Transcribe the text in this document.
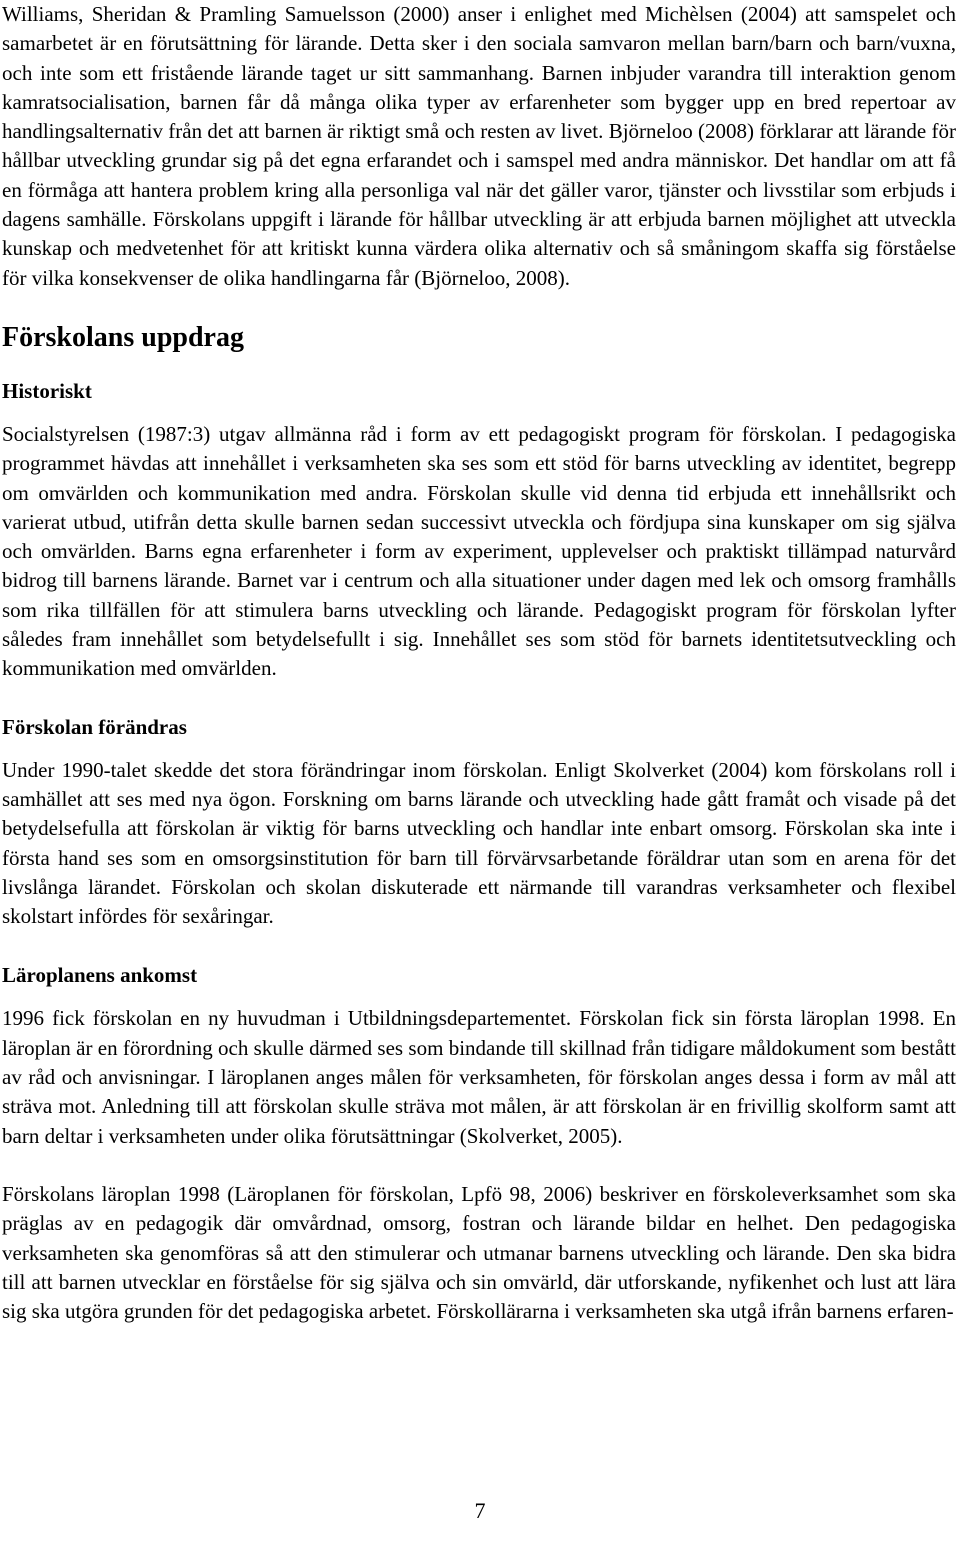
Williams, Sheridan & Pramling Samuelsson (2000) anser i enlighet med Michèlsen (2004) att samspelet och samarbetet är en förutsättning för lärande. Detta sker i den sociala samvaron mellan barn/barn och barn/vuxna, och inte som ett fristående lärande taget ur sitt sammanhang. Barnen inbjuder varandra till interaktion genom kamratsocialisation, barnen får då många olika typer av erfarenheter som bygger upp en bred repertoar av handlingsalternativ från det att barnen är riktigt små och resten av livet. Björneloo (2008) förklarar att lärande för hållbar utveckling grundar sig på det egna erfarandet och i samspel med andra människor. Det handlar om att få en förmåga att hantera problem kring alla personliga val när det gäller varor, tjänster och livsstilar som erbjuds i dagens samhälle. Förskolans uppgift i lärande för hållbar utveckling är att erbjuda barnen möjlighet att utveckla kunskap och medvetenhet för att kritiskt kunna värdera olika alternativ och så småningom skaffa sig förståelse för vilka konsekvenser de olika handlingarna får (Björneloo, 2008).

Förskolans uppdrag
Historiskt

Socialstyrelsen (1987:3) utgav allmänna råd i form av ett pedagogiskt program för förskolan. I pedagogiska programmet hävdas att innehållet i verksamheten ska ses som ett stöd för barns utveckling av identitet, begrepp om omvärlden och kommunikation med andra. Förskolan skulle vid denna tid erbjuda ett innehållsrikt och varierat utbud, utifrån detta skulle barnen sedan successivt utveckla och fördjupa sina kunskaper om sig själva och omvärlden. Barns egna erfarenheter i form av experiment, upplevelser och praktiskt tillämpad naturvård bidrog till barnens lärande. Barnet var i centrum och alla situationer under dagen med lek och omsorg framhålls som rika tillfällen för att stimulera barns utveckling och lärande. Pedagogiskt program för förskolan lyfter således fram innehållet som betydelsefullt i sig. Innehållet ses som stöd för barnets identitetsutveckling och kommunikation med omvärlden.

Förskolan förändras

Under 1990-talet skedde det stora förändringar inom förskolan. Enligt Skolverket (2004) kom förskolans roll i samhället att ses med nya ögon. Forskning om barns lärande och utveckling hade gått framåt och visade på det betydelsefulla att förskolan är viktig för barns utveckling och handlar inte enbart omsorg. Förskolan ska inte i första hand ses som en omsorgsinstitution för barn till förvärvsarbetande föräldrar utan som en arena för det livslånga lärandet. Förskolan och skolan diskuterade ett närmande till varandras verksamheter och flexibel skolstart infördes för sexåringar.

Läroplanens ankomst

1996 fick förskolan en ny huvudman i Utbildningsdepartementet. Förskolan fick sin första läroplan 1998. En läroplan är en förordning och skulle därmed ses som bindande till skillnad från tidigare måldokument som bestått av råd och anvisningar. I läroplanen anges målen för verksamheten, för förskolan anges dessa i form av mål att sträva mot. Anledning till att förskolan skulle sträva mot målen, är att förskolan är en frivillig skolform samt att barn deltar i verksamheten under olika förutsättningar (Skolverket, 2005).

Förskolans läroplan 1998 (Läroplanen för förskolan, Lpfö 98, 2006) beskriver en förskoleverksamhet som ska präglas av en pedagogik där omvårdnad, omsorg, fostran och lärande bildar en helhet. Den pedagogiska verksamheten ska genomföras så att den stimulerar och utmanar barnens utveckling och lärande. Den ska bidra till att barnen utvecklar en förståelse för sig själva och sin omvärld, där utforskande, nyfikenhet och lust att lära sig ska utgöra grunden för det pedagogiska arbetet. Förskollärarna i verksamheten ska utgå ifrån barnens erfaren-

7
